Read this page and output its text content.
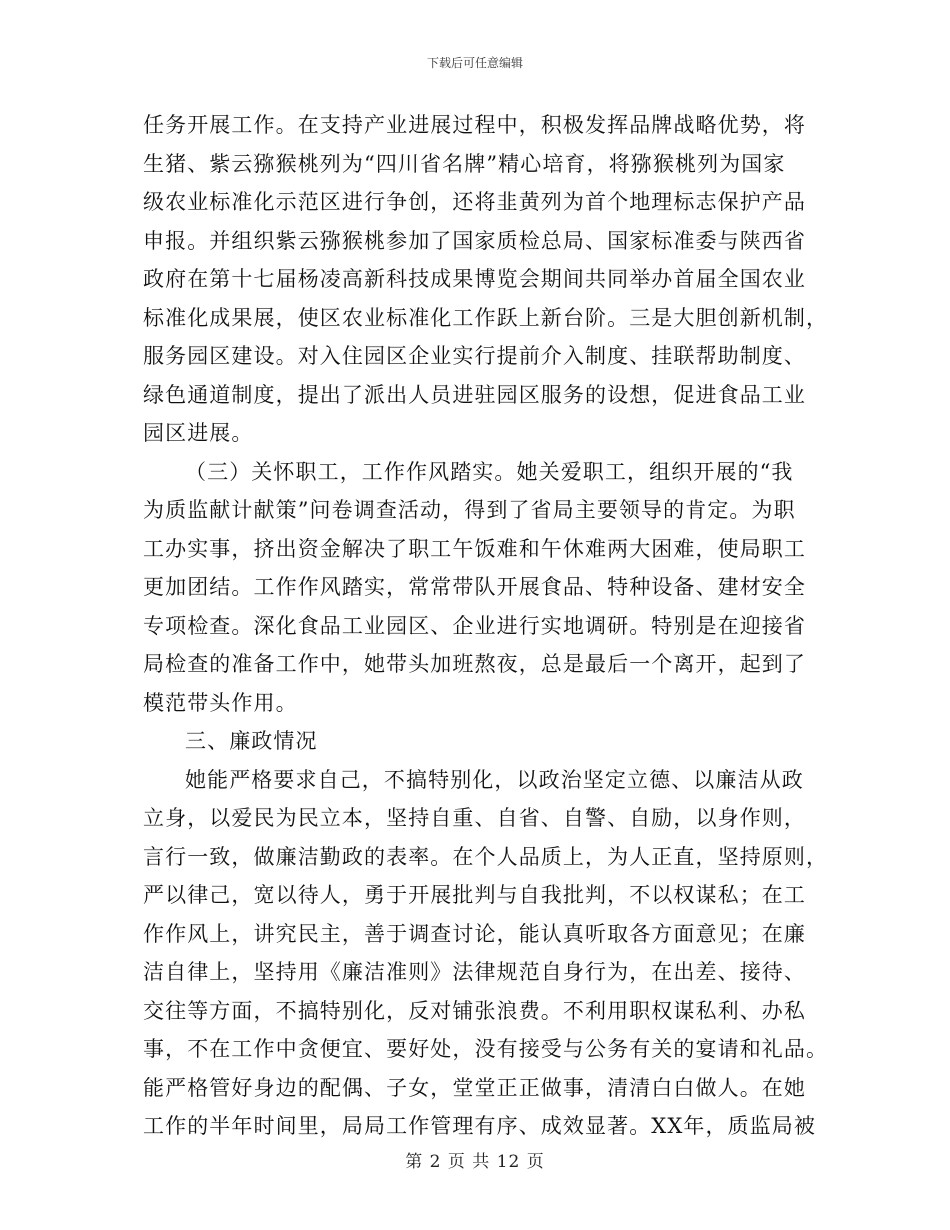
下载后可任意编辑
任务开展工作。在支持产业进展过程中，积极发挥品牌战略优势，将
生猪、紫云猕猴桃列为“四川省名牌”精心培育，将猕猴桃列为国家
级农业标准化示范区进行争创，还将韭黄列为首个地理标志保护产品
申报。并组织紫云猕猴桃参加了国家质检总局、国家标准委与陕西省
政府在第十七届杨凌高新科技成果博览会期间共同举办首届全国农业
标准化成果展，使区农业标准化工作跃上新台阶。三是大胆创新机制，
服务园区建设。对入住园区企业实行提前介入制度、挂联帮助制度、
绿色通道制度，提出了派出人员进驻园区服务的设想，促进食品工业
园区进展。
（三）关怀职工，工作作风踏实。她关爱职工，组织开展的“我
为质监献计献策”问卷调查活动，得到了省局主要领导的肯定。为职
工办实事，挤出资金解决了职工午饭难和午休难两大困难，使局职工
更加团结。工作作风踏实，常常带队开展食品、特种设备、建材安全
专项检查。深化食品工业园区、企业进行实地调研。特别是在迎接省
局检查的准备工作中，她带头加班熬夜，总是最后一个离开，起到了
模范带头作用。
三、廉政情况
她能严格要求自己，不搞特别化，以政治坚定立德、以廉洁从政
立身，以爱民为民立本，坚持自重、自省、自警、自励，以身作则，
言行一致，做廉洁勤政的表率。在个人品质上，为人正直，坚持原则，
严以律己，宽以待人，勇于开展批判与自我批判，不以权谋私；在工
作作风上，讲究民主，善于调查讨论，能认真听取各方面意见；在廉
洁自律上，坚持用《廉洁准则》法律规范自身行为，在出差、接待、
交往等方面，不搞特别化，反对铺张浪费。不利用职权谋私利、办私
事，不在工作中贪便宜、要好处，没有接受与公务有关的宴请和礼品。
能严格管好身边的配偶、子女，堂堂正正做事，清清白白做人。在她
工作的半年时间里，局局工作管理有序、成效显著。XX年，质监局被
第 2 页 共 12 页
